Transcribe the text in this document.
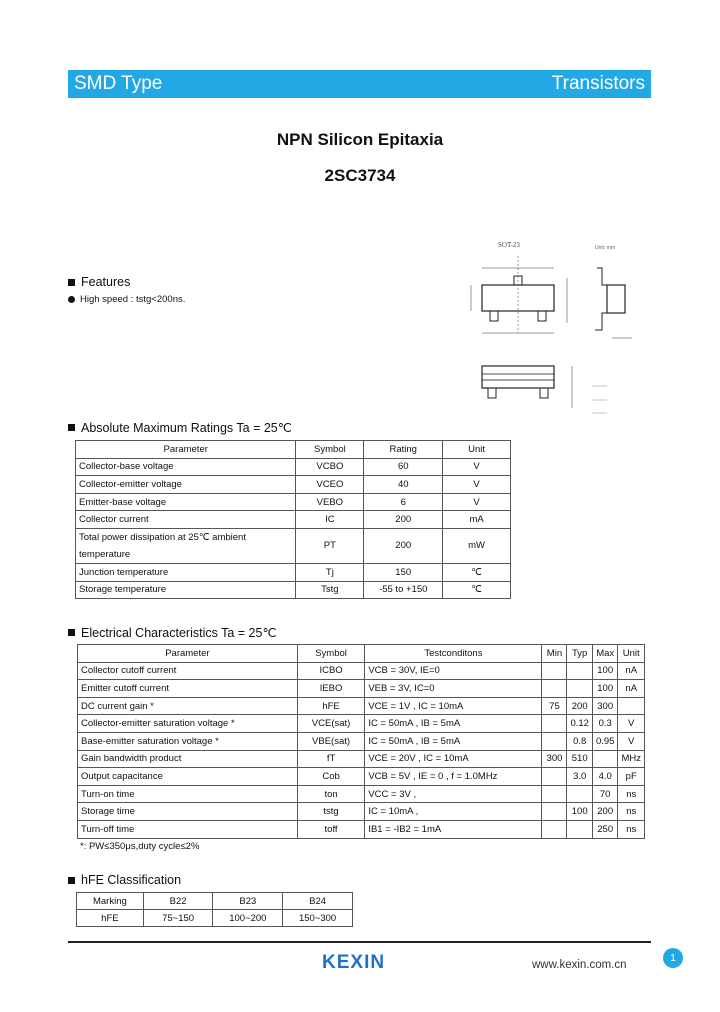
SMD Type	Transistors
NPN Silicon Epitaxia
2SC3734
SOT-23	Unit: mm
Features
High speed : tstg<200ns.
Absolute Maximum Ratings Ta = 25℃
Parameter	Symbol	Rating	Unit
Collector-base voltage	VCBO	60	V
Collector-emitter voltage	VCEO	40	V
Emitter-base voltage	VEBO	6	V
Collector current	IC	200	mA
Total power dissipation at 25℃ ambient temperature	PT	200	mW
Junction temperature	Tj	150	℃
Storage temperature	Tstg	-55 to +150	℃
Electrical Characteristics Ta = 25℃
Parameter	Symbol	Testconditons	Min	Typ	Max	Unit
Collector cutoff current	ICBO	VCB = 30V, IE=0			100	nA
Emitter cutoff current	IEBO	VEB = 3V, IC=0			100	nA
DC current gain *	hFE	VCE = 1V , IC = 10mA	75	200	300	
Collector-emitter saturation voltage *	VCE(sat)	IC = 50mA , IB = 5mA		0.12	0.3	V
Base-emitter saturation voltage *	VBE(sat)	IC = 50mA , IB = 5mA		0.8	0.95	V
Gain bandwidth product	fT	VCE = 20V , IC = 10mA	300	510		MHz
Output capacitance	Cob	VCB = 5V , IE = 0 , f = 1.0MHz		3.0	4.0	pF
Turn-on time	ton	VCC = 3V ,			70	ns
Storage time	tstg	IC = 10mA ,		100	200	ns
Turn-off time	toff	IB1 = -IB2 = 1mA			250	ns
*: PW≤350μs,duty cycle≤2%
hFE Classification
Marking	B22	B23	B24
hFE	75~150	100~200	150~300
KEXIN	www.kexin.com.cn
1
